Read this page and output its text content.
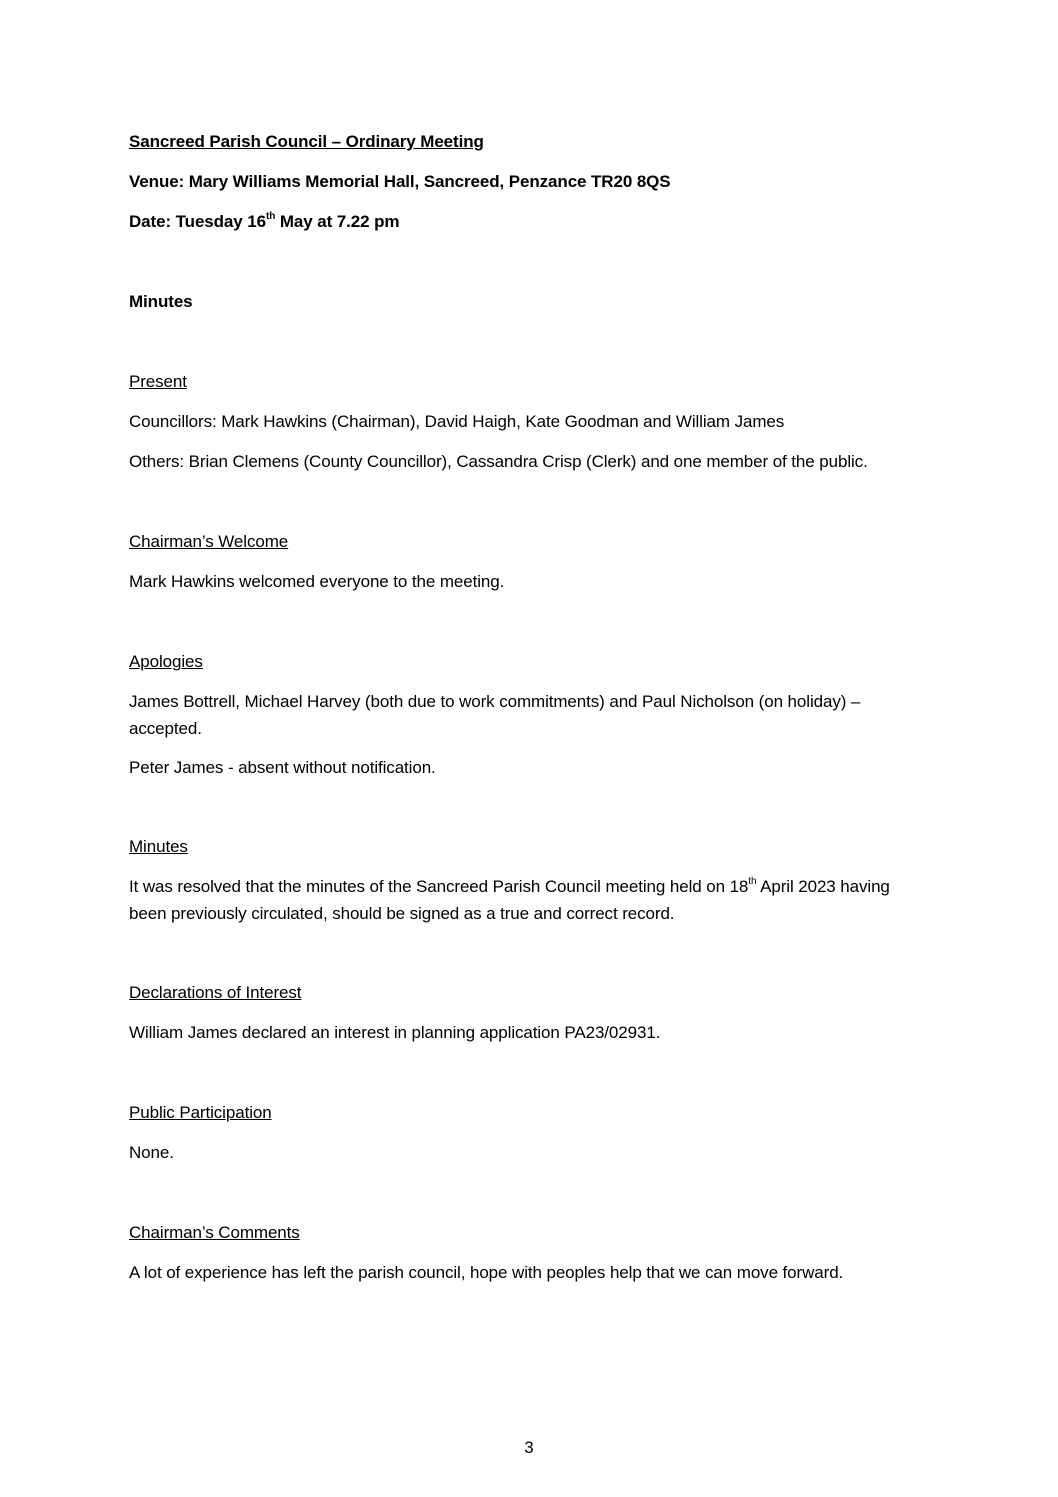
Sancreed Parish Council – Ordinary Meeting
Venue: Mary Williams Memorial Hall, Sancreed, Penzance TR20 8QS
Date: Tuesday 16th May at 7.22 pm
Minutes
Present
Councillors: Mark Hawkins (Chairman), David Haigh, Kate Goodman and William James
Others: Brian Clemens (County Councillor), Cassandra Crisp (Clerk) and one member of the public.
Chairman’s Welcome
Mark Hawkins welcomed everyone to the meeting.
Apologies
James Bottrell, Michael Harvey (both due to work commitments) and Paul Nicholson (on holiday) –
accepted.
Peter James - absent without notification.
Minutes
It was resolved that the minutes of the Sancreed Parish Council meeting held on 18th April 2023 having
been previously circulated, should be signed as a true and correct record.
Declarations of Interest
William James declared an interest in planning application PA23/02931.
Public Participation
None.
Chairman’s Comments
A lot of experience has left the parish council, hope with peoples help that we can move forward.
3
